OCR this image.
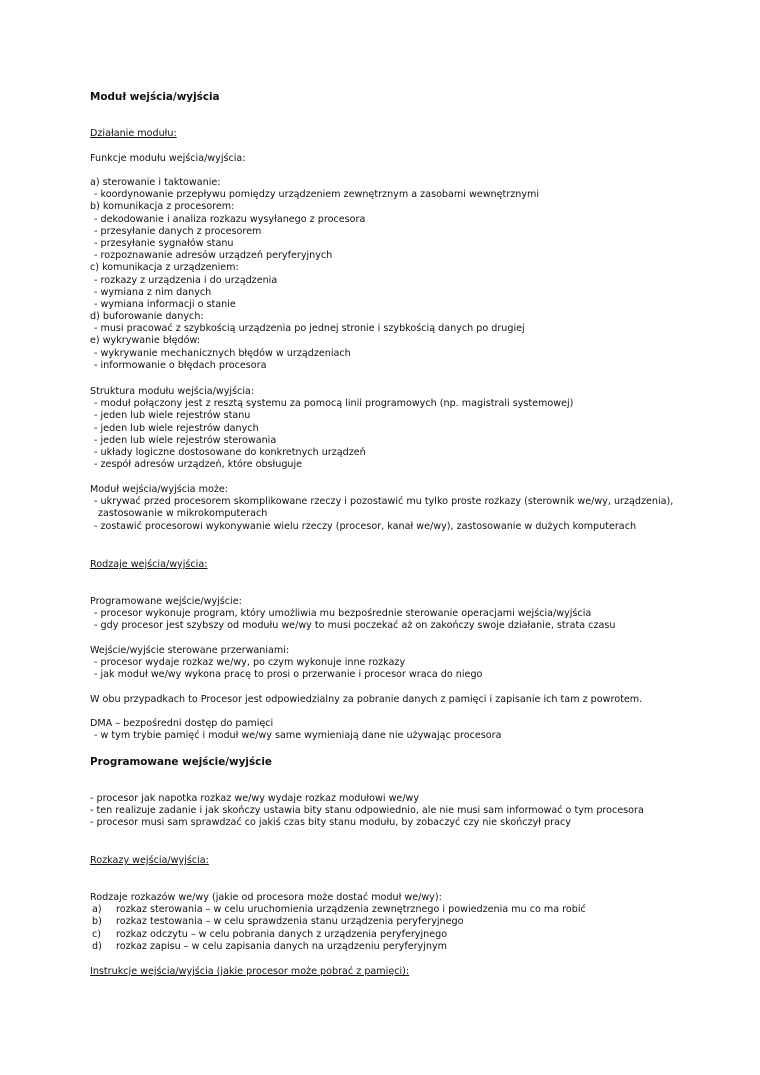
Moduł wejścia/wyjścia
Działanie modułu:
Funkcje modułu wejścia/wyjścia:
a) sterowanie i taktowanie:
- koordynowanie przepływu pomiędzy urządzeniem zewnętrznym a zasobami wewnętrznymi
b) komunikacja z procesorem:
- dekodowanie i analiza rozkazu wysyłanego z procesora
- przesyłanie danych z procesorem
- przesyłanie sygnałów stanu
- rozpoznawanie adresów urządzeń peryferyjnych
c) komunikacja z urządzeniem:
- rozkazy z urządzenia i do urządzenia
- wymiana z nim danych
- wymiana informacji o stanie
d) buforowanie danych:
- musi pracować z szybkością urządzenia po jednej stronie i szybkością danych po drugiej
e) wykrywanie błędów:
- wykrywanie mechanicznych błędów w urządzeniach
- informowanie o błędach procesora
Struktura modułu wejścia/wyjścia:
- moduł połączony jest z resztą systemu za pomocą linii programowych (np. magistrali systemowej)
- jeden lub wiele rejestrów stanu
- jeden lub wiele rejestrów danych
- jeden lub wiele rejestrów sterowania
- układy logiczne dostosowane do konkretnych urządzeń
- zespół adresów urządzeń, które obsługuje
Moduł wejścia/wyjścia może:
- ukrywać przed procesorem skomplikowane rzeczy i pozostawić mu tylko proste rozkazy (sterownik we/wy, urządzenia),
zastosowanie w mikrokomputerach
- zostawić procesorowi wykonywanie wielu rzeczy (procesor, kanał we/wy), zastosowanie w dużych komputerach
Rodzaje wejścia/wyjścia:
Programowane wejście/wyjście:
- procesor wykonuje program, który umożliwia mu bezpośrednie sterowanie operacjami wejścia/wyjścia
- gdy procesor jest szybszy od modułu we/wy to musi poczekać aż on zakończy swoje działanie, strata czasu
Wejście/wyjście sterowane przerwaniami:
- procesor wydaje rozkaz we/wy, po czym wykonuje inne rozkazy
- jak moduł we/wy wykona pracę to prosi o przerwanie i procesor wraca do niego
W obu przypadkach to Procesor jest odpowiedzialny za pobranie danych z pamięci i zapisanie ich tam z powrotem.
DMA – bezpośredni dostęp do pamięci
- w tym trybie pamięć i moduł we/wy same wymieniają dane nie używając procesora
Programowane wejście/wyjście
- procesor jak napotka rozkaz we/wy wydaje rozkaz modułowi we/wy
- ten realizuje zadanie i jak skończy ustawia bity stanu odpowiednio, ale nie musi sam informować o tym procesora
- procesor musi sam sprawdzać co jakiś czas bity stanu modułu, by zobaczyć czy nie skończył pracy
Rozkazy wejścia/wyjścia:
Rodzaje rozkazów we/wy (jakie od procesora może dostać moduł we/wy):
a)	rozkaz sterowania – w celu uruchomienia urządzenia zewnętrznego i powiedzenia mu co ma robić
b)	rozkaz testowania – w celu sprawdzenia stanu urządzenia peryferyjnego
c)	rozkaz odczytu – w celu pobrania danych z urządzenia peryferyjnego
d)	rozkaz zapisu – w celu zapisania danych na urządzeniu peryferyjnym
Instrukcje wejścia/wyjścia (jakie procesor może pobrać z pamięci):
